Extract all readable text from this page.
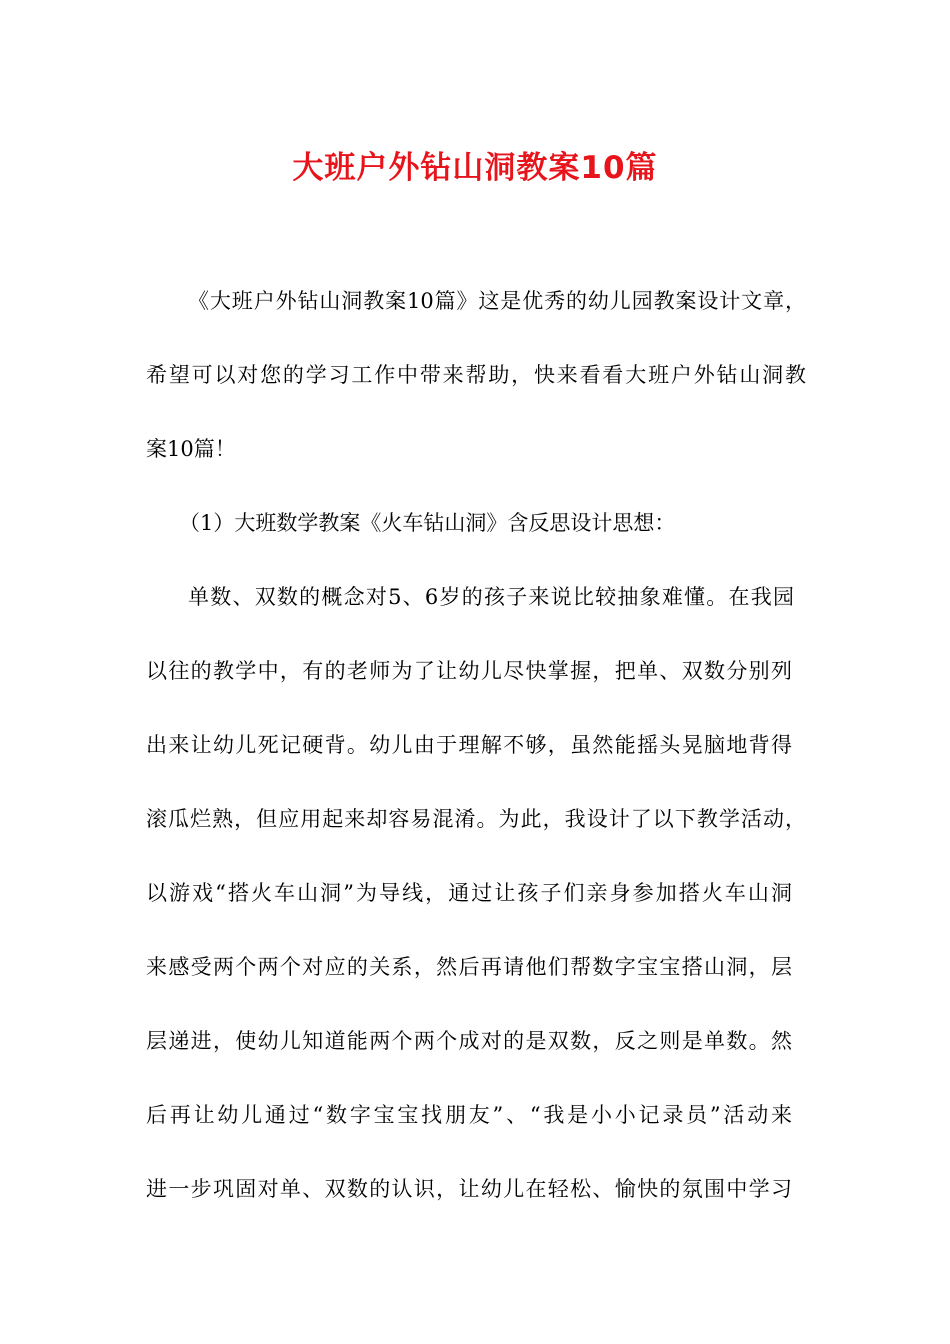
大班户外钻山洞教案10篇

《大班户外钻山洞教案10篇》这是优秀的幼儿园教案设计文章，

希望可以对您的学习工作中带来帮助，快来看看大班户外钻山洞教

案10篇！

（1）大班数学教案《火车钻山洞》含反思设计思想：

单数、双数的概念对5、6岁的孩子来说比较抽象难懂。在我园

以往的教学中，有的老师为了让幼儿尽快掌握，把单、双数分别列

出来让幼儿死记硬背。幼儿由于理解不够，虽然能摇头晃脑地背得

滚瓜烂熟，但应用起来却容易混淆。为此，我设计了以下教学活动，

以游戏“搭火车山洞”为导线，通过让孩子们亲身参加搭火车山洞

来感受两个两个对应的关系，然后再请他们帮数字宝宝搭山洞，层

层递进，使幼儿知道能两个两个成对的是双数，反之则是单数。然

后再让幼儿通过“数字宝宝找朋友”、“我是小小记录员”活动来

进一步巩固对单、双数的认识，让幼儿在轻松、愉快的氛围中学习
